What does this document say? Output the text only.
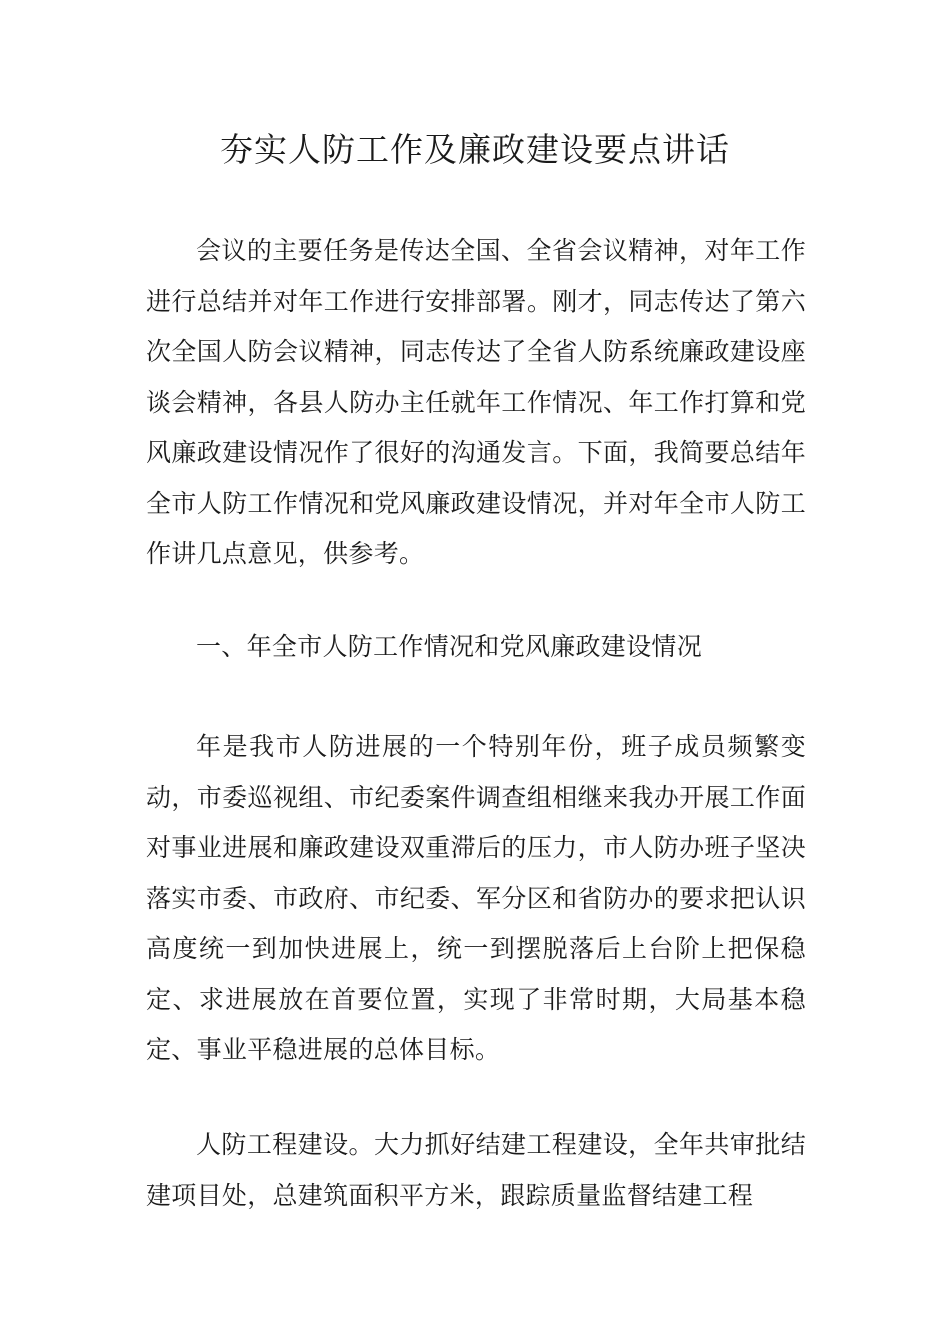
夯实人防工作及廉政建设要点讲话

会议的主要任务是传达全国、全省会议精神，对年工作进行总结并对年工作进行安排部署。刚才，同志传达了第六次全国人防会议精神，同志传达了全省人防系统廉政建设座谈会精神，各县人防办主任就年工作情况、年工作打算和党风廉政建设情况作了很好的沟通发言。下面，我简要总结年全市人防工作情况和党风廉政建设情况，并对年全市人防工作讲几点意见，供参考。

一、年全市人防工作情况和党风廉政建设情况

年是我市人防进展的一个特别年份，班子成员频繁变动，市委巡视组、市纪委案件调查组相继来我办开展工作面对事业进展和廉政建设双重滞后的压力，市人防办班子坚决落实市委、市政府、市纪委、军分区和省防办的要求把认识高度统一到加快进展上，统一到摆脱落后上台阶上把保稳定、求进展放在首要位置，实现了非常时期，大局基本稳定、事业平稳进展的总体目标。

人防工程建设。大力抓好结建工程建设，全年共审批结建项目处，总建筑面积平方米，跟踪质量监督结建工程
